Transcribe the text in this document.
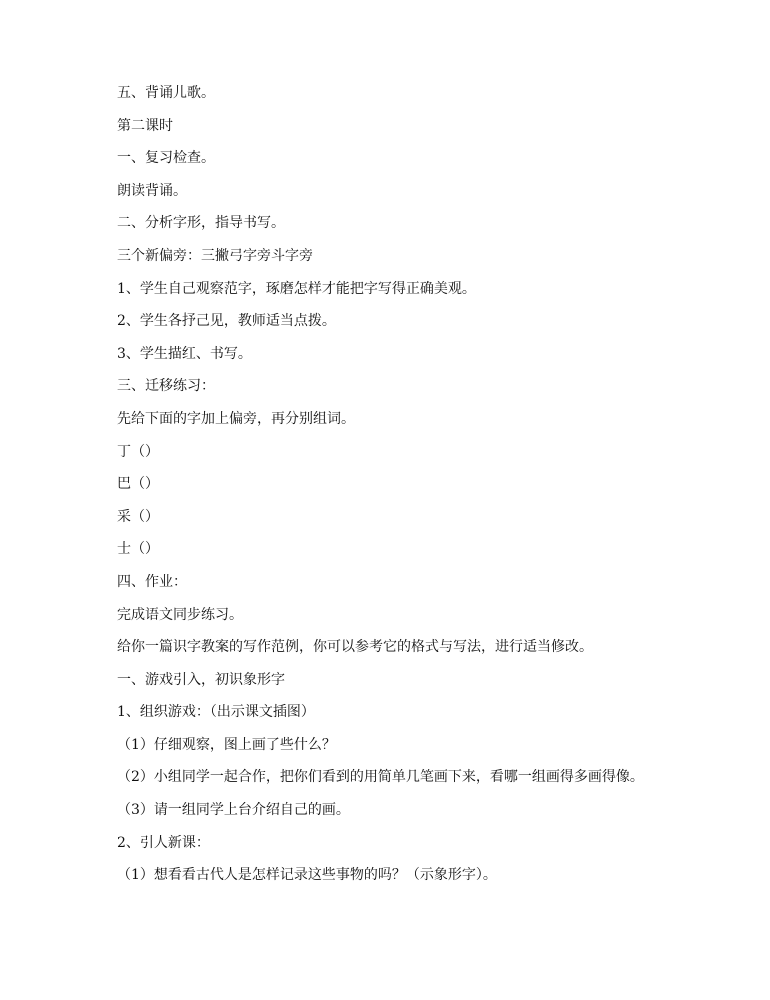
五、背诵儿歌。

第二课时

一、复习检查。

朗读背诵。

二、分析字形，指导书写。

三个新偏旁：三撇弓字旁斗字旁

1、学生自己观察范字，琢磨怎样才能把字写得正确美观。

2、学生各抒己见，教师适当点拨。

3、学生描红、书写。

三、迁移练习：

先给下面的字加上偏旁，再分别组词。

丁（）

巴（）

采（）

士（）

四、作业：

完成语文同步练习。

给你一篇识字教案的写作范例，你可以参考它的格式与写法，进行适当修改。

一、游戏引入，初识象形字

1、组织游戏：（出示课文插图）

（1）仔细观察，图上画了些什么？

（2）小组同学一起合作，把你们看到的用简单几笔画下来，看哪一组画得多画得像。

（3）请一组同学上台介绍自己的画。

2、引人新课：

（1）想看看古代人是怎样记录这些事物的吗？（示象形字）。
